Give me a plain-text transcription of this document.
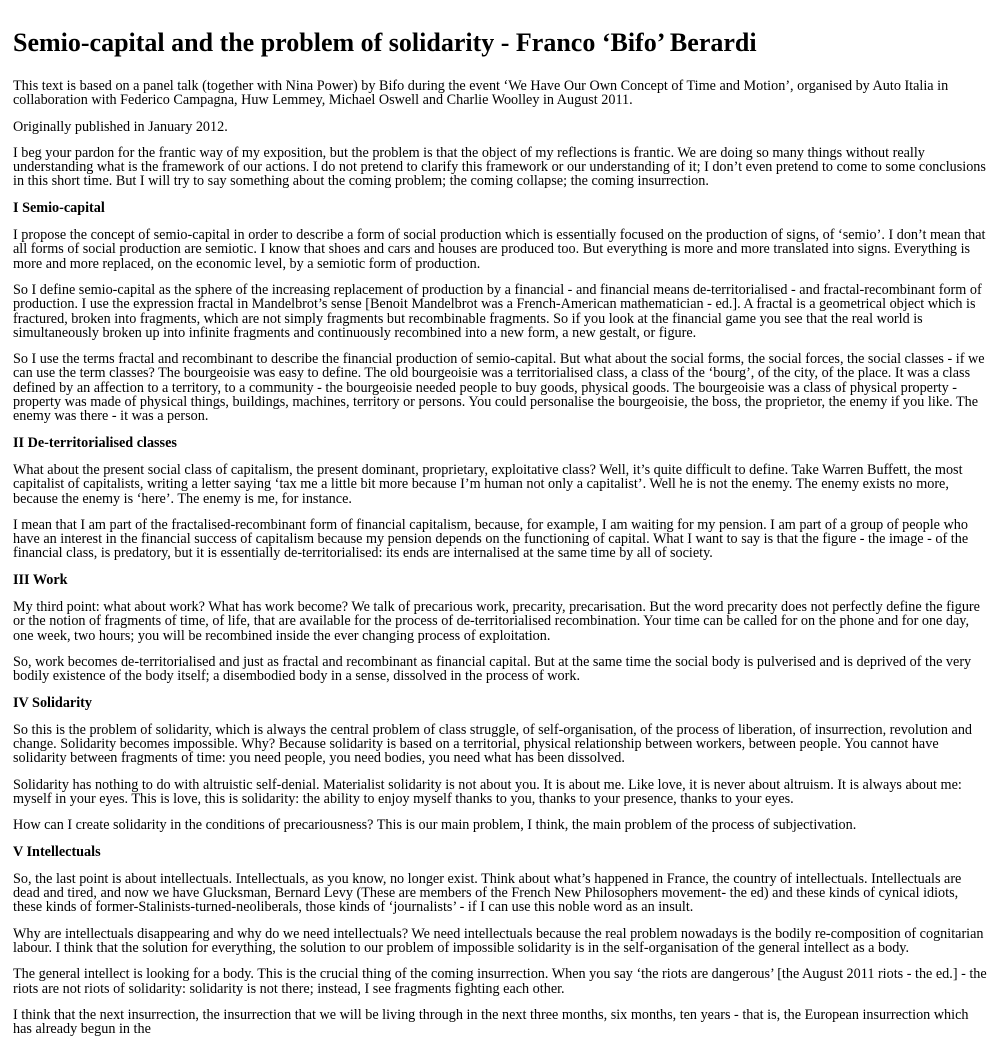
Semio-capital and the problem of solidarity - Franco ‘Bifo’ Berardi

This text is based on a panel talk (together with Nina Power) by Bifo during the event ‘We Have Our Own Concept of Time and Motion’, organised by Auto Italia in collaboration with Federico Campagna, Huw Lemmey, Michael Oswell and Charlie Woolley in August 2011.

Originally published in January 2012.

I beg your pardon for the frantic way of my exposition, but the problem is that the object of my reflections is frantic. We are doing so many things without really understanding what is the framework of our actions. I do not pretend to clarify this framework or our understanding of it; I don’t even pretend to come to some conclusions in this short time. But I will try to say something about the coming problem; the coming collapse; the coming insurrection.

I Semio-capital

I propose the concept of semio-capital in order to describe a form of social production which is essentially focused on the production of signs, of ‘semio’. I don’t mean that all forms of social production are semiotic. I know that shoes and cars and houses are produced too. But everything is more and more translated into signs. Everything is more and more replaced, on the economic level, by a semiotic form of production.

So I define semio-capital as the sphere of the increasing replacement of production by a financial - and financial means de-territorialised - and fractal-recombinant form of production. I use the expression fractal in Mandelbrot’s sense [Benoit Mandelbrot was a French-American mathematician - ed.]. A fractal is a geometrical object which is fractured, broken into fragments, which are not simply fragments but recombinable fragments. So if you look at the financial game you see that the real world is simultaneously broken up into infinite fragments and continuously recombined into a new form, a new gestalt, or figure.

So I use the terms fractal and recombinant to describe the financial production of semio-capital. But what about the social forms, the social forces, the social classes - if we can use the term classes? The bourgeoisie was easy to define. The old bourgeoisie was a territorialised class, a class of the ‘bourg’, of the city, of the place. It was a class defined by an affection to a territory, to a community - the bourgeoisie needed people to buy goods, physical goods. The bourgeoisie was a class of physical property - property was made of physical things, buildings, machines, territory or persons. You could personalise the bourgeoisie, the boss, the proprietor, the enemy if you like. The enemy was there - it was a person.

II De-territorialised classes

What about the present social class of capitalism, the present dominant, proprietary, exploitative class? Well, it’s quite difficult to define. Take Warren Buffett, the most capitalist of capitalists, writing a letter saying ‘tax me a little bit more because I’m human not only a capitalist’. Well he is not the enemy. The enemy exists no more, because the enemy is ‘here’. The enemy is me, for instance.

I mean that I am part of the fractalised-recombinant form of financial capitalism, because, for example, I am waiting for my pension. I am part of a group of people who have an interest in the financial success of capitalism because my pension depends on the functioning of capital. What I want to say is that the figure - the image - of the financial class, is predatory, but it is essentially de-territorialised: its ends are internalised at the same time by all of society.

III Work

My third point: what about work? What has work become? We talk of precarious work, precarity, precarisation. But the word precarity does not perfectly define the figure or the notion of fragments of time, of life, that are available for the process of de-territorialised recombination. Your time can be called for on the phone and for one day, one week, two hours; you will be recombined inside the ever changing process of exploitation.

So, work becomes de-territorialised and just as fractal and recombinant as financial capital. But at the same time the social body is pulverised and is deprived of the very bodily existence of the body itself; a disembodied body in a sense, dissolved in the process of work.

IV Solidarity

So this is the problem of solidarity, which is always the central problem of class struggle, of self-organisation, of the process of liberation, of insurrection, revolution and change. Solidarity becomes impossible. Why? Because solidarity is based on a territorial, physical relationship between workers, between people. You cannot have solidarity between fragments of time: you need people, you need bodies, you need what has been dissolved.

Solidarity has nothing to do with altruistic self-denial. Materialist solidarity is not about you. It is about me. Like love, it is never about altruism. It is always about me: myself in your eyes. This is love, this is solidarity: the ability to enjoy myself thanks to you, thanks to your presence, thanks to your eyes.

How can I create solidarity in the conditions of precariousness? This is our main problem, I think, the main problem of the process of subjectivation.

V Intellectuals

So, the last point is about intellectuals. Intellectuals, as you know, no longer exist. Think about what’s happened in France, the country of intellectuals. Intellectuals are dead and tired, and now we have Glucksman, Bernard Levy (These are members of the French New Philosophers movement- the ed) and these kinds of cynical idiots, these kinds of former-Stalinists-turned-neoliberals, those kinds of ‘journalists’ - if I can use this noble word as an insult.

Why are intellectuals disappearing and why do we need intellectuals? We need intellectuals because the real problem nowadays is the bodily re-composition of cognitarian labour. I think that the solution for everything, the solution to our problem of impossible solidarity is in the self-organisation of the general intellect as a body.

The general intellect is looking for a body. This is the crucial thing of the coming insurrection. When you say ‘the riots are dangerous’ [the August 2011 riots - the ed.] - the riots are not riots of solidarity: solidarity is not there; instead, I see fragments fighting each other.

I think that the next insurrection, the insurrection that we will be living through in the next three months, six months, ten years - that is, the European insurrection which has already begun in the
